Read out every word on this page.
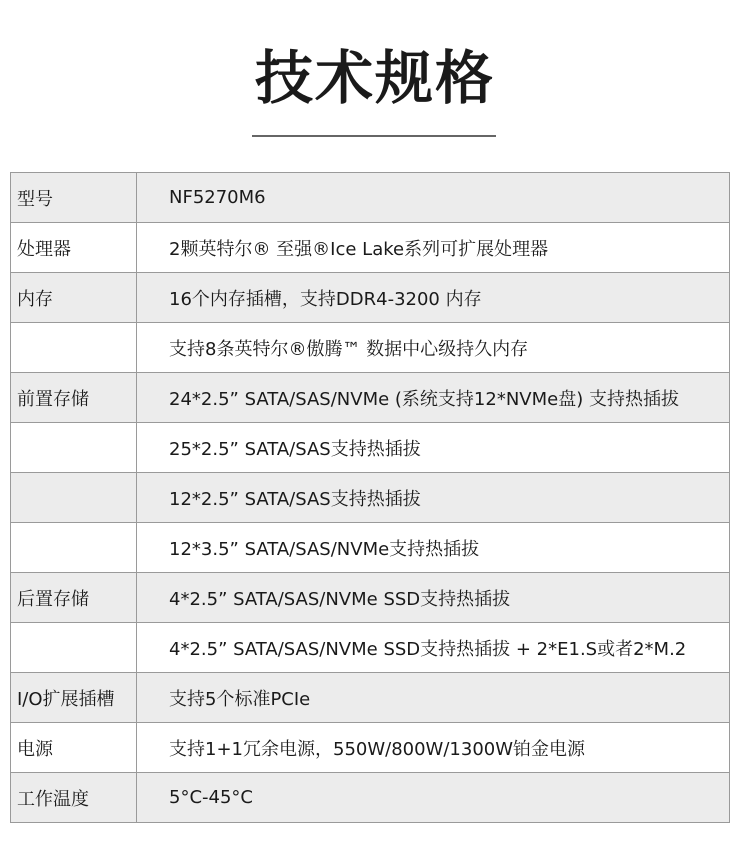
技术规格
型号	NF5270M6
处理器	2颗英特尔® 至强®Ice Lake系列可扩展处理器
内存	16个内存插槽，支持DDR4-3200 内存
	支持8条英特尔®傲腾™ 数据中心级持久内存
前置存储	24*2.5” SATA/SAS/NVMe (系统支持12*NVMe盘) 支持热插拔
	25*2.5” SATA/SAS支持热插拔
	12*2.5” SATA/SAS支持热插拔
	12*3.5” SATA/SAS/NVMe支持热插拔
后置存储	4*2.5” SATA/SAS/NVMe SSD支持热插拔
	4*2.5” SATA/SAS/NVMe SSD支持热插拔 + 2*E1.S或者2*M.2
I/O扩展插槽	支持5个标准PCIe
电源	支持1+1冗余电源，550W/800W/1300W铂金电源
工作温度	5°C-45°C
